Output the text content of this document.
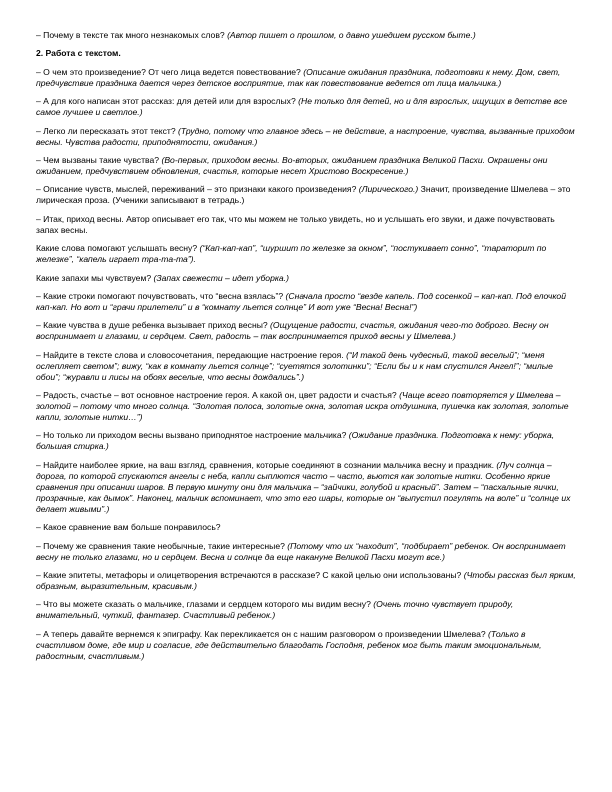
– Почему в тексте так много незнакомых слов? (Автор пишет о прошлом, о давно ушедшем русском быте.)

2. Работа с текстом.

– О чем это произведение? От чего лица ведется повествование? (Описание ожидания праздника, подготовки к нему. Дом, свет, предчувствие праздника дается через детское восприятие, так как повествование ведется от лица мальчика.)

– А для кого написан этот рассказ: для детей или для взрослых? (Не только для детей, но и для взрослых, ищущих в детстве все самое лучшее и светлое.)

– Легко ли пересказать этот текст? (Трудно, потому что главное здесь – не действие, а настроение, чувства, вызванные приходом весны. Чувства радости, приподнятости, ожидания.)

– Чем вызваны такие чувства? (Во-первых, приходом весны. Во-вторых, ожиданием праздника Великой Пасхи. Окрашены они ожиданием, предчувствием обновления, счастья, которые несет Христово Воскресение.)

– Описание чувств, мыслей, переживаний – это признаки какого произведения? (Лирического.) Значит, произведение Шмелева – это лирическая проза. (Ученики записывают в тетрадь.)

– Итак, приход весны. Автор описывает его так, что мы можем не только увидеть, но и услышать его звуки, и даже почувствовать запах весны.

Какие слова помогают услышать весну? (“Кап-кап-кап”, “шуршит по железке за окном”, “постукивает сонно”, “тараторит по железке”, “капель играет тра-та-та”).

Какие запахи мы чувствуем? (Запах свежести – идет уборка.)

– Какие строки помогают почувствовать, что “весна взялась”? (Сначала просто “везде капель. Под сосенкой – кап-кап. Под елочкой кап-кап. Но вот и “грачи прилетели” и в “комнату льется солнце” И вот уже “Весна! Весна!”)

– Какие чувства в душе ребенка вызывает приход весны? (Ощущение радости, счастья, ожидания чего-то доброго. Весну он воспринимает и глазами, и сердцем. Свет, радость – так воспринимается приход весны у Шмелева.)

– Найдите в тексте слова и словосочетания, передающие настроение героя. (“И такой день чудесный, такой веселый”; “меня ослепляет светом”; вижу, “как в комнату льется солнце”; “суетятся золотинки”; “Если бы и к нам спустился Ангел!”; “милые обои”; “журавли и лисы на обоях веселые, что весны дождались”.)

– Радость, счастье – вот основное настроение героя. А какой он, цвет радости и счастья? (Чаще всего повторяется у Шмелева – золотой – потому что много солнца. “Золотая полоса, золотые окна, золотая искра отдушника, пушечка как золотая, золотые капли, золотые нитки…”)

– Но только ли приходом весны вызвано приподнятое настроение мальчика? (Ожидание праздника. Подготовка к нему: уборка, большая стирка.)

– Найдите наиболее яркие, на ваш взгляд, сравнения, которые соединяют в сознании мальчика весну и праздник. (Луч солнца – дорога, по которой спускаются ангелы с неба, капли сыплются часто – часто, вьются как золотые нитки. Особенно яркие сравнения при описании шаров. В первую минуту они для мальчика – “зайчики, голубой и красный”. Затем – “пасхальные яички, прозрачные, как дымок”. Наконец, мальчик вспоминает, что это его шары, которые он “выпустил погулять на воле” и “солнце их делает живыми”.)

– Какое сравнение вам больше понравилось?

– Почему же сравнения такие необычные, такие интересные? (Потому что их “находит”, “подбирает” ребенок. Он воспринимает весну не только глазами, но и сердцем. Весна и солнце да еще накануне Великой Пасхи могут все.)

– Какие эпитеты, метафоры и олицетворения встречаются в рассказе? С какой целью они использованы? (Чтобы рассказ был ярким, образным, выразительным, красивым.)

– Что вы можете сказать о мальчике, глазами и сердцем которого мы видим весну? (Очень точно чувствует природу, внимательный, чуткий, фантазер. Счастливый ребенок.)

– А теперь давайте вернемся к эпиграфу. Как перекликается он с нашим разговором о произведении Шмелева? (Только в счастливом доме, где мир и согласие, где действительно благодать Господня, ребенок мог быть таким эмоциональным, радостным, счастливым.)
